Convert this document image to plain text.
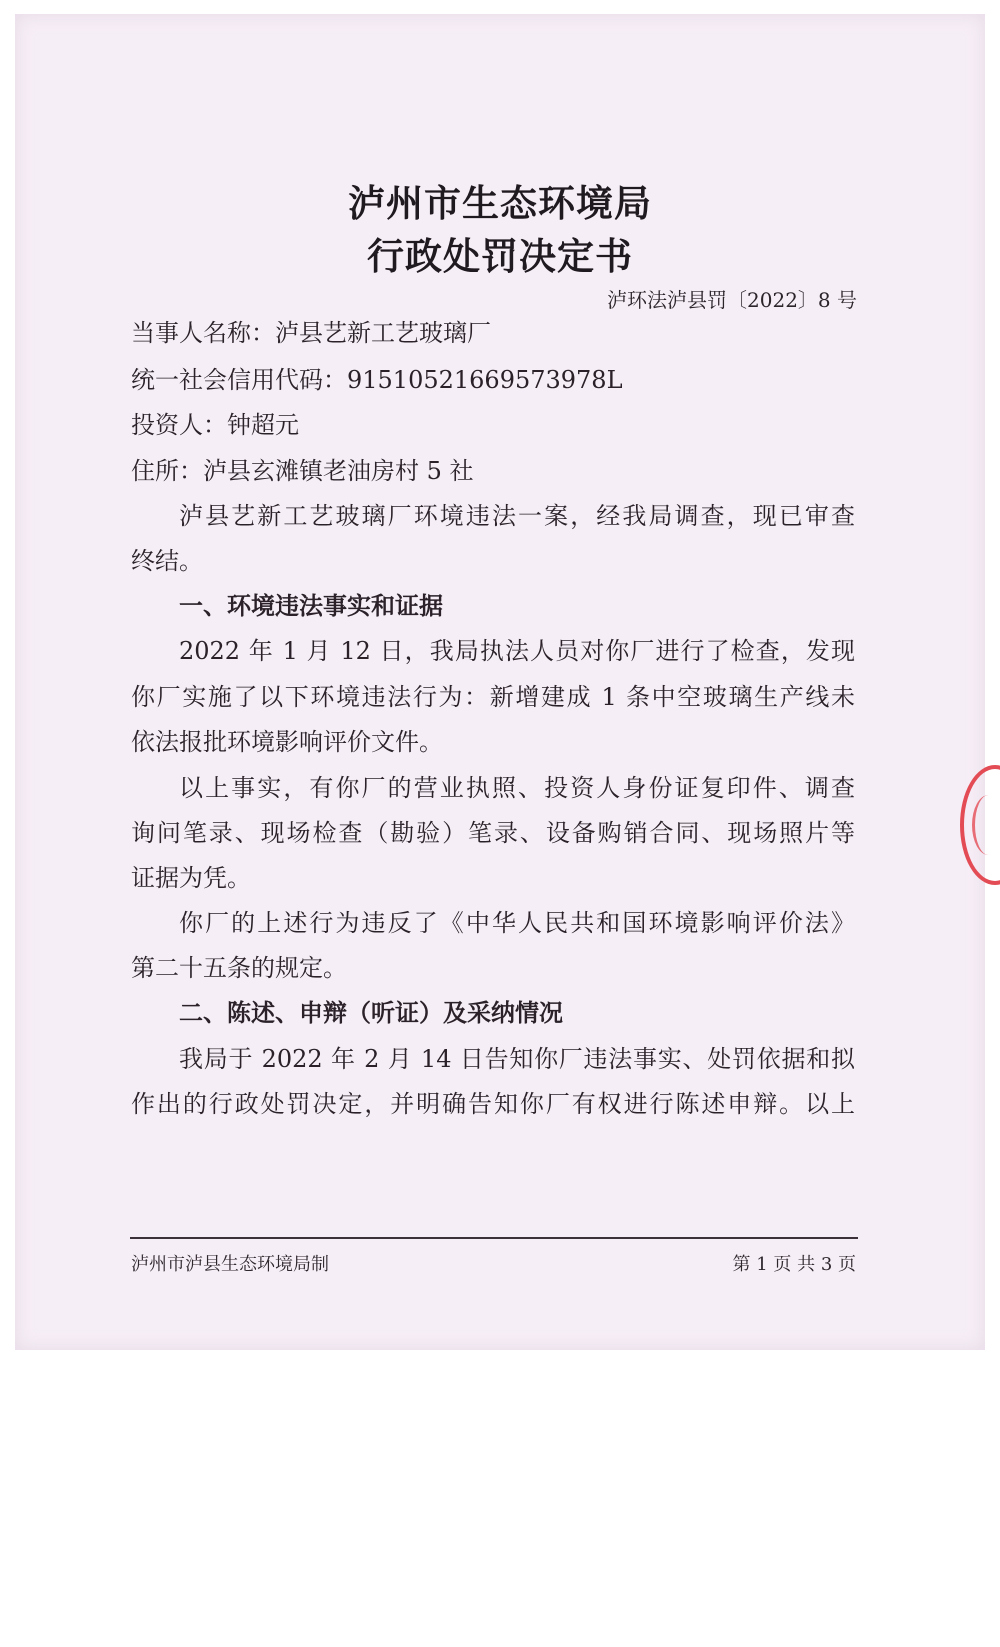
泸州市生态环境局
行政处罚决定书
泸环法泸县罚〔2022〕8 号
当事人名称：泸县艺新工艺玻璃厂
统一社会信用代码：91510521669573978L
投资人：钟超元
住所：泸县玄滩镇老油房村 5 社
泸县艺新工艺玻璃厂环境违法一案，经我局调查，现已审查
终结。
一、环境违法事实和证据
2022 年 1 月 12 日，我局执法人员对你厂进行了检查，发现
你厂实施了以下环境违法行为：新增建成 1 条中空玻璃生产线未
依法报批环境影响评价文件。
以上事实，有你厂的营业执照、投资人身份证复印件、调查
询问笔录、现场检查（勘验）笔录、设备购销合同、现场照片等
证据为凭。
你厂的上述行为违反了《中华人民共和国环境影响评价法》
第二十五条的规定。
二、陈述、申辩（听证）及采纳情况
我局于 2022 年 2 月 14 日告知你厂违法事实、处罚依据和拟
作出的行政处罚决定，并明确告知你厂有权进行陈述申辩。以上
泸州市泸县生态环境局制	第 1 页 共 3 页
